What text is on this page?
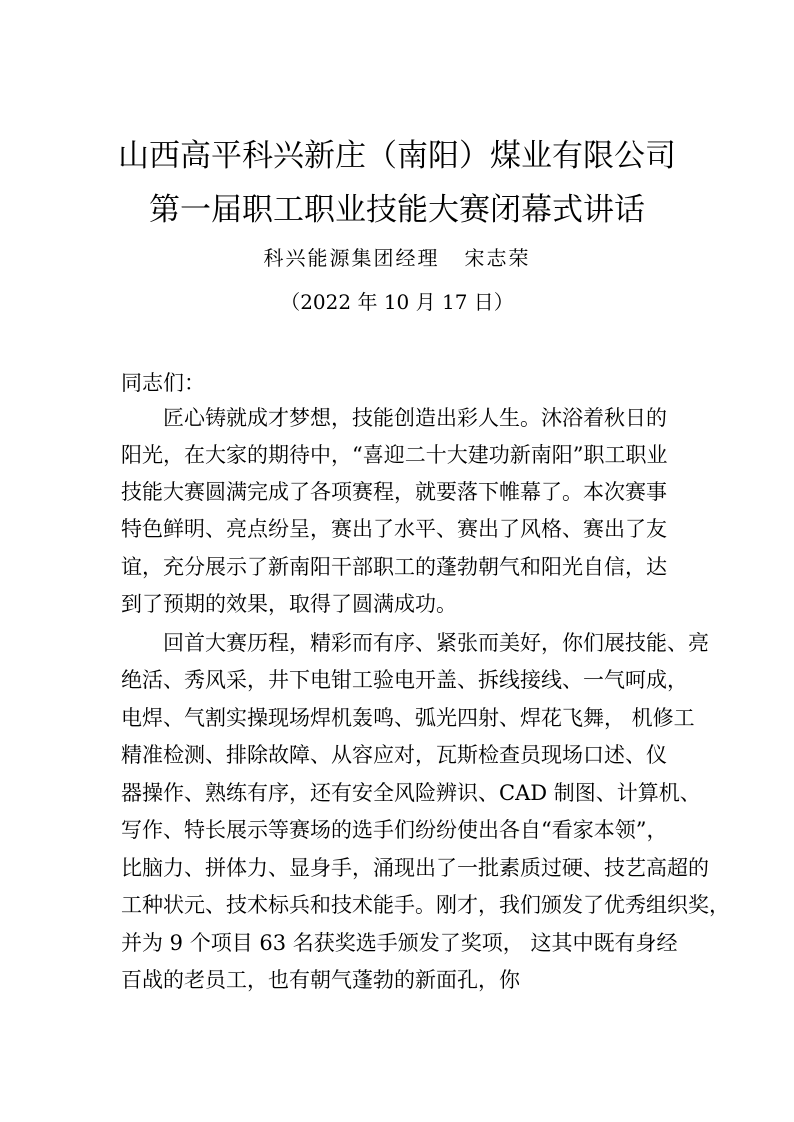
山西高平科兴新庄（南阳）煤业有限公司
第一届职工职业技能大赛闭幕式讲话
科兴能源集团经理   宋志荣
（2022 年 10 月 17 日）
同志们：
匠心铸就成才梦想，技能创造出彩人生。沐浴着秋日的
阳光，在大家的期待中，“喜迎二十大建功新南阳”职工职业
技能大赛圆满完成了各项赛程，就要落下帷幕了。本次赛事
特色鲜明、亮点纷呈，赛出了水平、赛出了风格、赛出了友
谊，充分展示了新南阳干部职工的蓬勃朝气和阳光自信，达
到了预期的效果，取得了圆满成功。
回首大赛历程，精彩而有序、紧张而美好，你们展技能、亮
绝活、秀风采，井下电钳工验电开盖、拆线接线、一气呵成，
电焊、气割实操现场焊机轰鸣、弧光四射、焊花飞舞， 机修工
精准检测、排除故障、从容应对，瓦斯检查员现场口述、仪
器操作、熟练有序，还有安全风险辨识、CAD 制图、计算机、
写作、特长展示等赛场的选手们纷纷使出各自“看家本领”，
比脑力、拼体力、显身手，涌现出了一批素质过硬、技艺高超的
工种状元、技术标兵和技术能手。刚才，我们颁发了优秀组织奖，
并为 9 个项目 63 名获奖选手颁发了奖项， 这其中既有身经
百战的老员工，也有朝气蓬勃的新面孔，你
